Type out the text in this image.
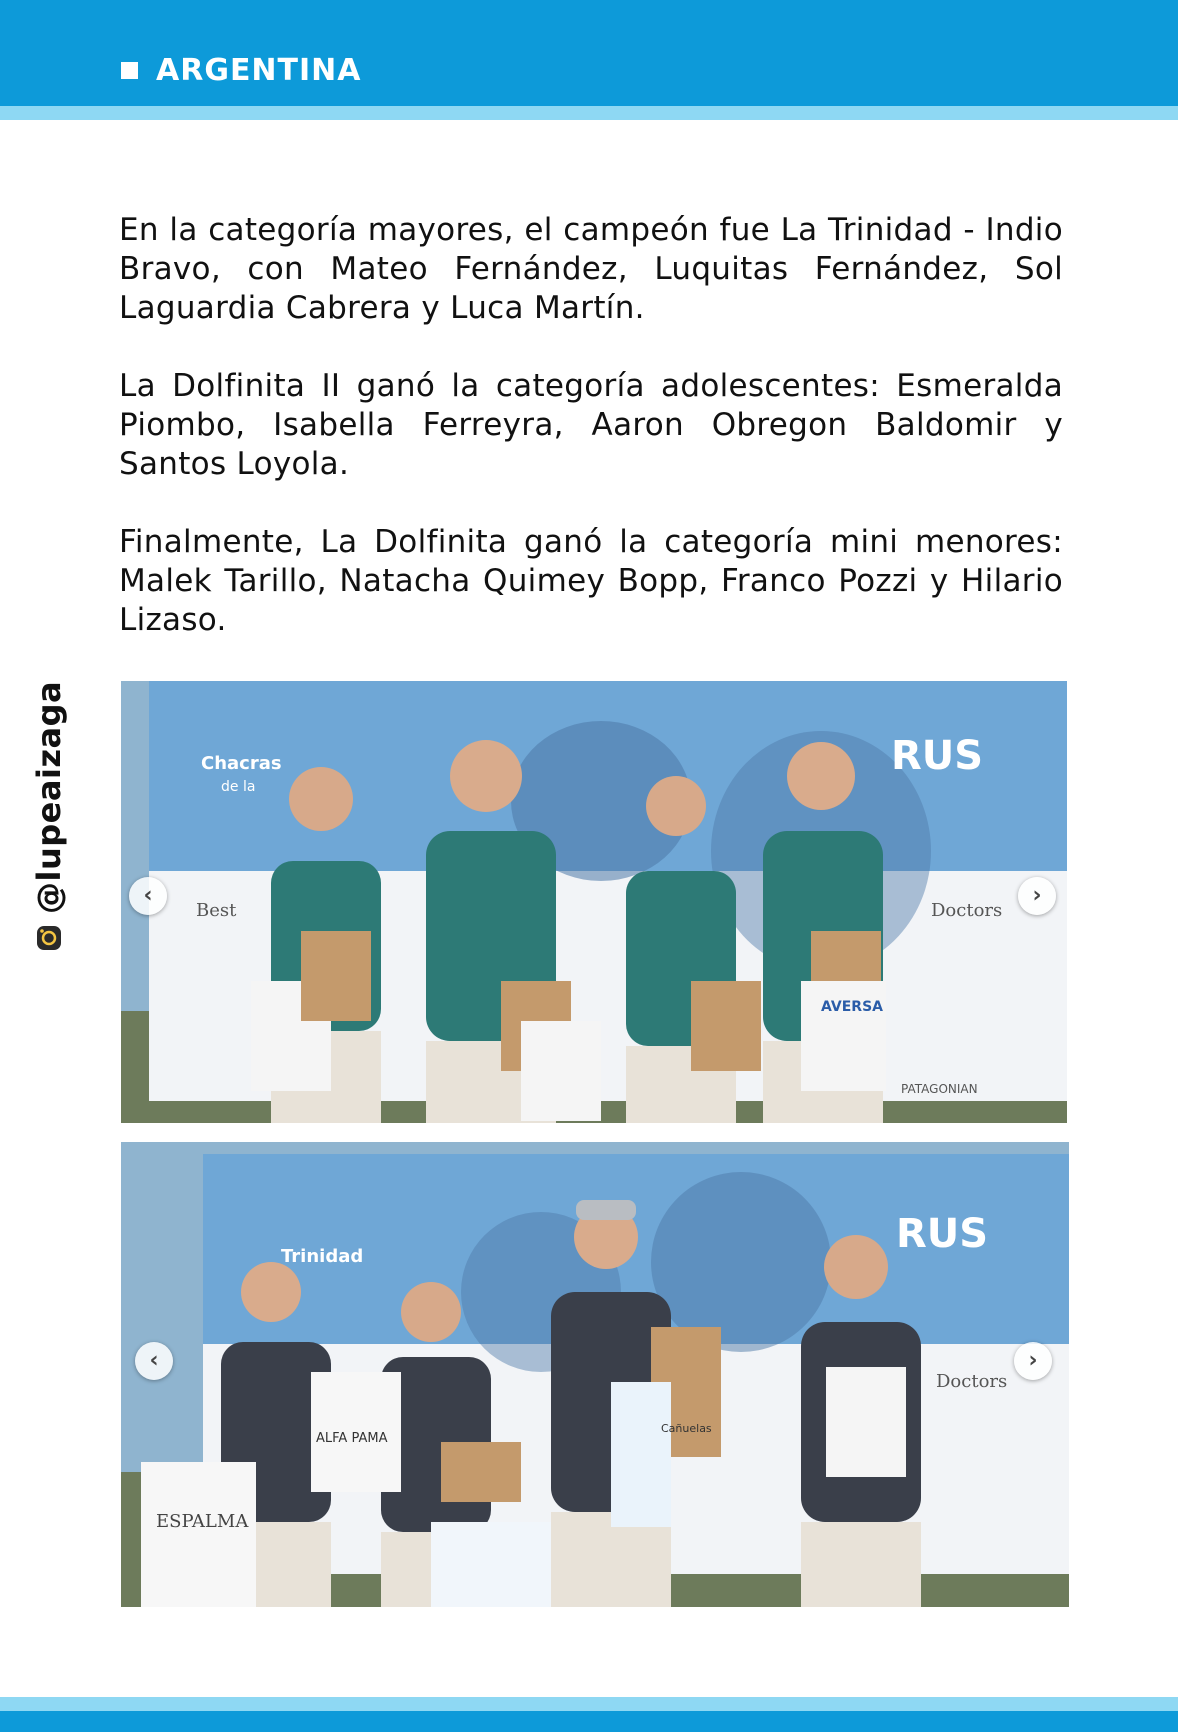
ARGENTINA

En la categoría mayores, el campeón fue La Trinidad - Indio Bravo, con Mateo Fernández, Luquitas Fernández, Sol Laguardia Cabrera y Luca Martín.

La Dolfinita II ganó la categoría adolescentes: Esmeralda Piombo, Isabella Ferreyra, Aaron Obregon Baldomir y Santos Loyola.

Finalmente, La Dolfinita ganó la categoría mini menores: Malek Tarillo, Natacha Quimey Bopp, Franco Pozzi y Hilario Lizaso.

@lupeaizaga	Chacras
de la
RUS
Best	Doctors
AVERSA
PATAGONIAN
‹	›
Trinidad	RUS
ESPALMA
ALFA PAMA
Cañuelas
Doctors
‹	›
